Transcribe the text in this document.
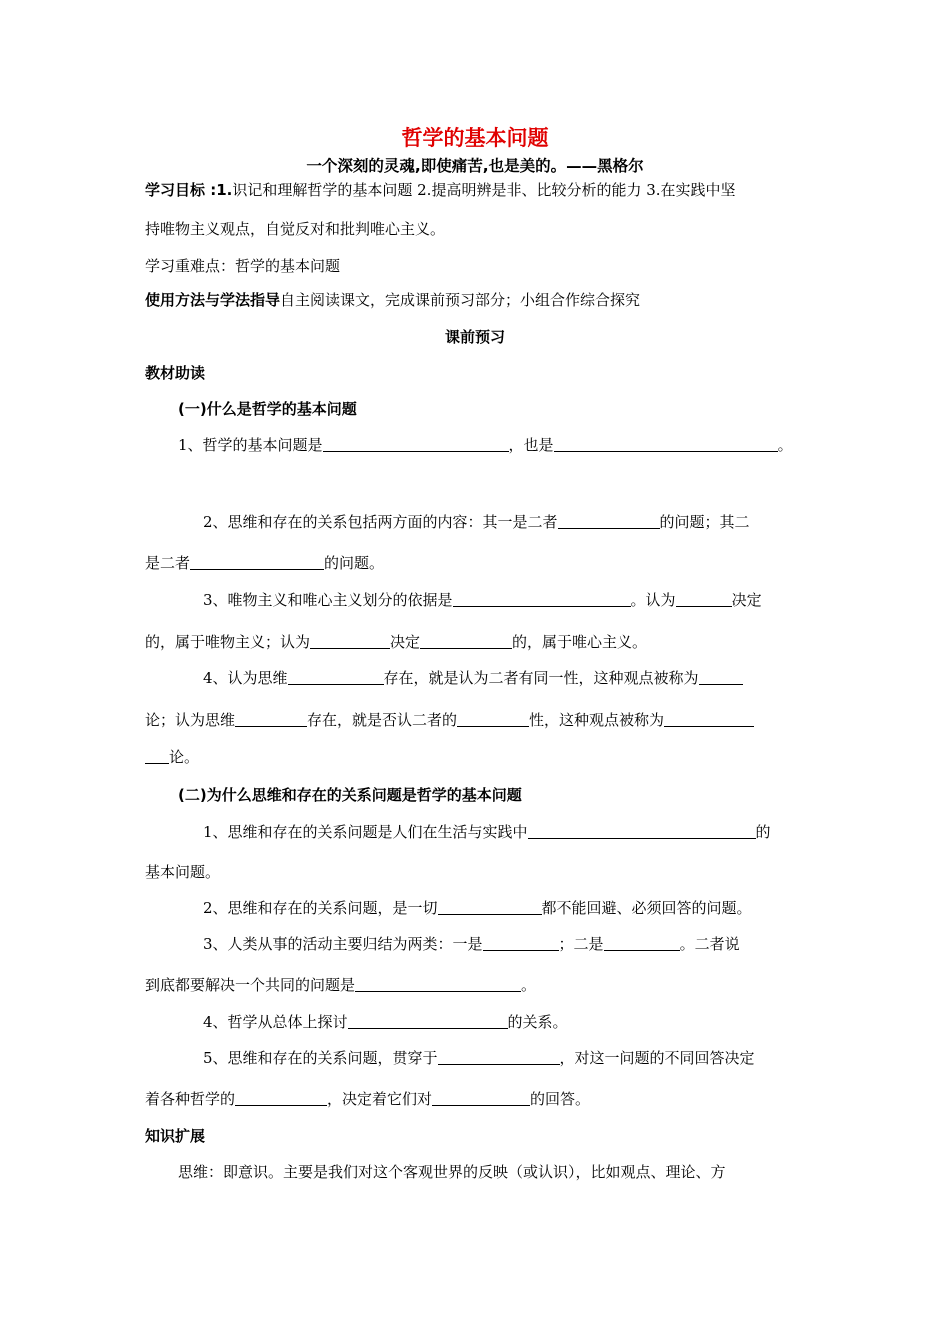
哲学的基本问题
一个深刻的灵魂,即使痛苦,也是美的。——黑格尔
学习目标 :1.识记和理解哲学的基本问题 2.提高明辨是非、比较分析的能力 3.在实践中坚
持唯物主义观点，自觉反对和批判唯心主义。
学习重难点：哲学的基本问题
使用方法与学法指导自主阅读课文，完成课前预习部分；小组合作综合探究
课前预习
教材助读
(一)什么是哲学的基本问题
1、哲学的基本问题是	，也是	。
2、思维和存在的关系包括两方面的内容：其一是二者	的问题；其二
是二者	的问题。
3、唯物主义和唯心主义划分的依据是	。认为	决定
的，属于唯物主义；认为	决定	的，属于唯心主义。
4、认为思维	存在，就是认为二者有同一性，这种观点被称为
论；认为思维	存在，就是否认二者的	性，这种观点被称为
论。
(二)为什么思维和存在的关系问题是哲学的基本问题
1、思维和存在的关系问题是人们在生活与实践中	的
基本问题。
2、思维和存在的关系问题，是一切	都不能回避、必须回答的问题。
3、人类从事的活动主要归结为两类：一是	；二是	。二者说
到底都要解决一个共同的问题是	。
4、哲学从总体上探讨	的关系。
5、思维和存在的关系问题，贯穿于	，对这一问题的不同回答决定
着各种哲学的	，决定着它们对	的回答。
知识扩展
思维：即意识。主要是我们对这个客观世界的反映（或认识），比如观点、理论、方
